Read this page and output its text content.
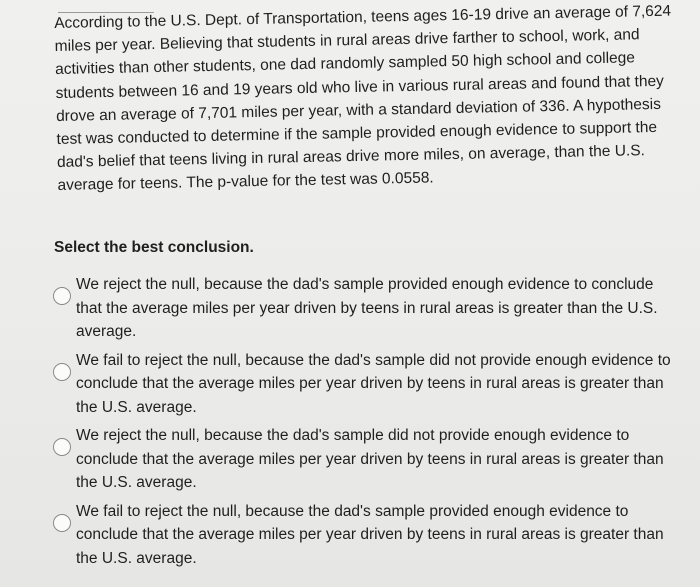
According to the U.S. Dept. of Transportation, teens ages 16-19 drive an average of 7,624 miles per year. Believing that students in rural areas drive farther to school, work, and activities than other students, one dad randomly sampled 50 high school and college students between 16 and 19 years old who live in various rural areas and found that they drove an average of 7,701 miles per year, with a standard deviation of 336. A hypothesis test was conducted to determine if the sample provided enough evidence to support the dad's belief that teens living in rural areas drive more miles, on average, than the U.S. average for teens. The p-value for the test was 0.0558.

Select the best conclusion.

We reject the null, because the dad's sample provided enough evidence to conclude that the average miles per year driven by teens in rural areas is greater than the U.S. average.
We fail to reject the null, because the dad's sample did not provide enough evidence to conclude that the average miles per year driven by teens in rural areas is greater than the U.S. average.
We reject the null, because the dad's sample did not provide enough evidence to conclude that the average miles per year driven by teens in rural areas is greater than the U.S. average.
We fail to reject the null, because the dad's sample provided enough evidence to conclude that the average miles per year driven by teens in rural areas is greater than the U.S. average.
